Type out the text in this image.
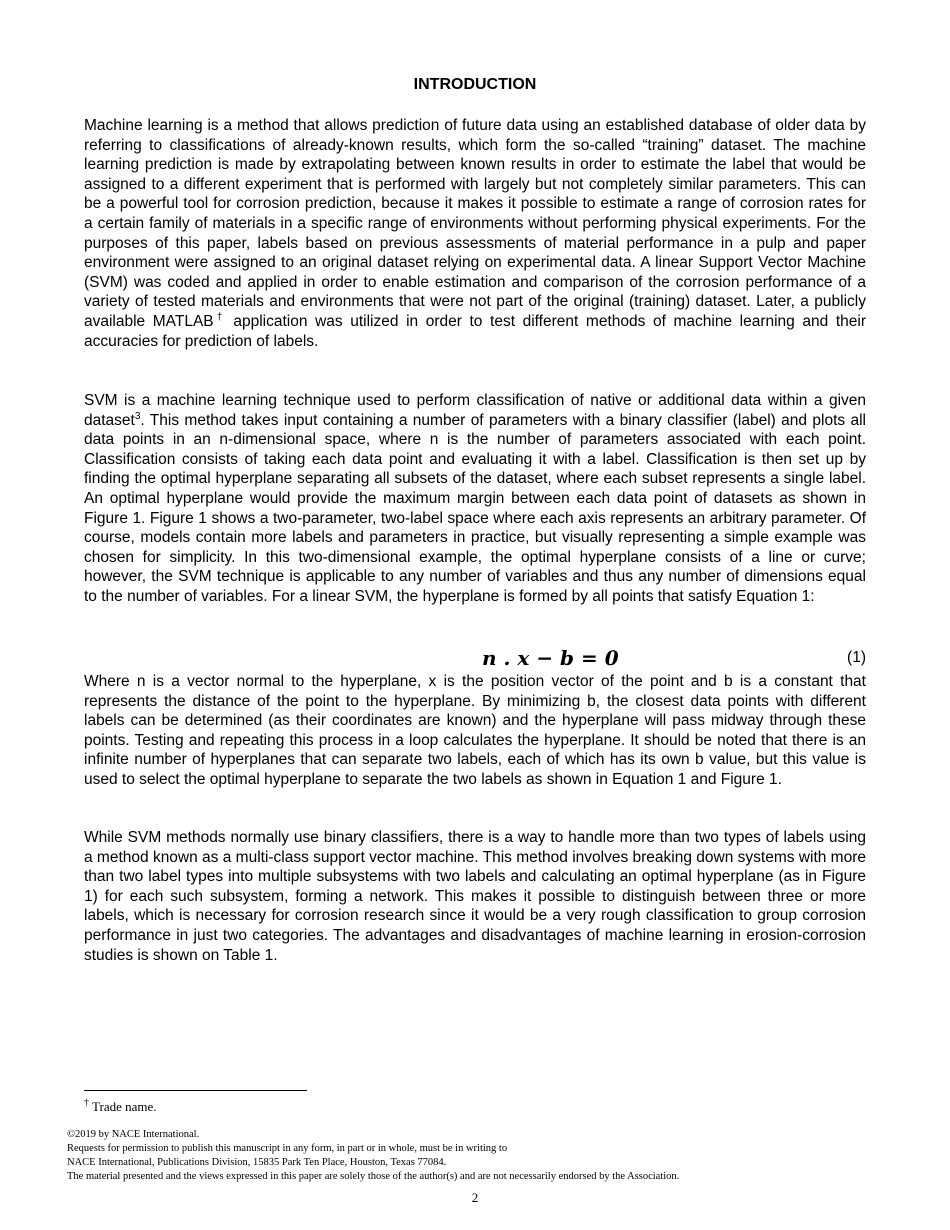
INTRODUCTION

Machine learning is a method that allows prediction of future data using an established database of older data by referring to classifications of already-known results, which form the so-called “training” dataset. The machine learning prediction is made by extrapolating between known results in order to estimate the label that would be assigned to a different experiment that is performed with largely but not completely similar parameters. This can be a powerful tool for corrosion prediction, because it makes it possible to estimate a range of corrosion rates for a certain family of materials in a specific range of environments without performing physical experiments. For the purposes of this paper, labels based on previous assessments of material performance in a pulp and paper environment were assigned to an original dataset relying on experimental data. A linear Support Vector Machine (SVM) was coded and applied in order to enable estimation and comparison of the corrosion performance of a variety of tested materials and environments that were not part of the original (training) dataset. Later, a publicly available MATLAB† application was utilized in order to test different methods of machine learning and their accuracies for prediction of labels.

SVM is a machine learning technique used to perform classification of native or additional data within a given dataset$^3$. This method takes input containing a number of parameters with a binary classifier (label) and plots all data points in an n-dimensional space, where n is the number of parameters associated with each point. Classification consists of taking each data point and evaluating it with a label. Classification is then set up by finding the optimal hyperplane separating all subsets of the dataset, where each subset represents a single label. An optimal hyperplane would provide the maximum margin between each data point of datasets as shown in Figure 1. Figure 1 shows a two-parameter, two-label space where each axis represents an arbitrary parameter. Of course, models contain more labels and parameters in practice, but visually representing a simple example was chosen for simplicity. In this two-dimensional example, the optimal hyperplane consists of a line or curve; however, the SVM technique is applicable to any number of variables and thus any number of dimensions equal to the number of variables. For a linear SVM, the hyperplane is formed by all points that satisfy Equation 1:

n . x − b = 0	(1)

Where n is a vector normal to the hyperplane, x is the position vector of the point and b is a constant that represents the distance of the point to the hyperplane. By minimizing b, the closest data points with different labels can be determined (as their coordinates are known) and the hyperplane will pass midway through these points. Testing and repeating this process in a loop calculates the hyperplane. It should be noted that there is an infinite number of hyperplanes that can separate two labels, each of which has its own b value, but this value is used to select the optimal hyperplane to separate the two labels as shown in Equation 1 and Figure 1.

While SVM methods normally use binary classifiers, there is a way to handle more than two types of labels using a method known as a multi-class support vector machine. This method involves breaking down systems with more than two label types into multiple subsystems with two labels and calculating an optimal hyperplane (as in Figure 1) for each such subsystem, forming a network. This makes it possible to distinguish between three or more labels, which is necessary for corrosion research since it would be a very rough classification to group corrosion performance in just two categories. The advantages and disadvantages of machine learning in erosion-corrosion studies is shown on Table 1.

† Trade name.

©2019 by NACE International.
Requests for permission to publish this manuscript in any form, in part or in whole, must be in writing to
NACE International, Publications Division, 15835 Park Ten Place, Houston, Texas 77084.
The material presented and the views expressed in this paper are solely those of the author(s) and are not necessarily endorsed by the Association.
2
